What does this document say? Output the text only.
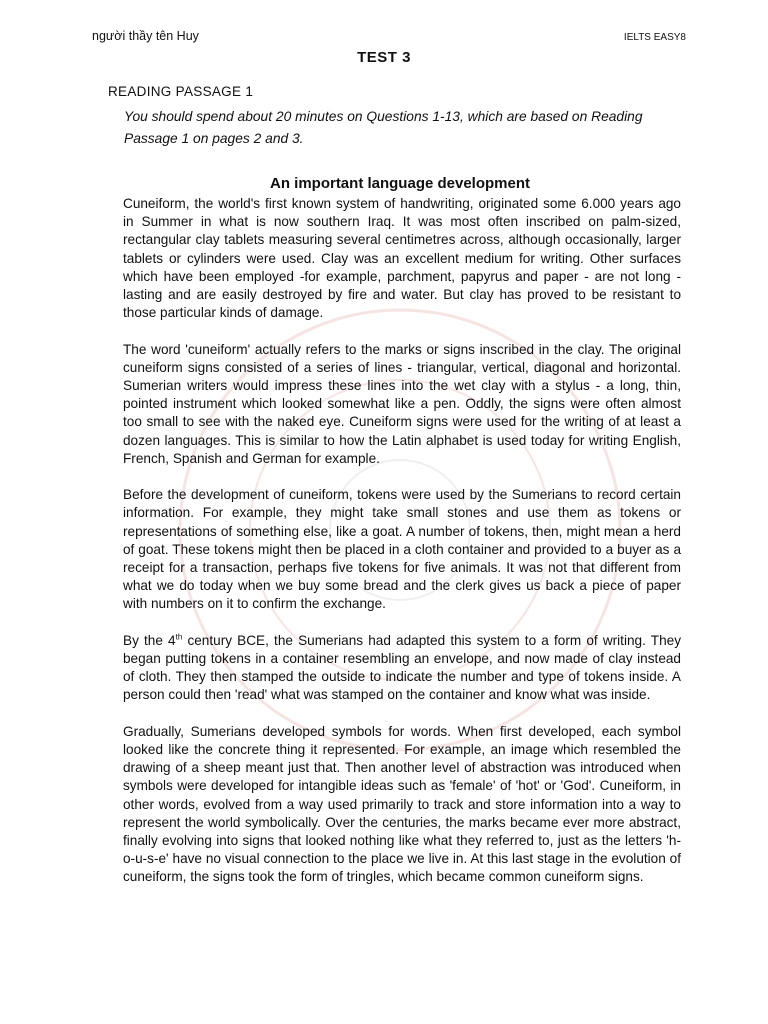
người thầy tên Huy	IELTS EASY8
TEST 3
READING PASSAGE 1
You should spend about 20 minutes on Questions 1-13, which are based on Reading Passage 1 on pages 2 and 3.
An important language development

Cuneiform, the world's first known system of handwriting, originated some 6.000 years ago in Summer in what is now southern Iraq. It was most often inscribed on palm-sized, rectangular clay tablets measuring several centimetres across, although occasionally, larger tablets or cylinders were used. Clay was an excellent medium for writing. Other surfaces which have been employed -for example, parchment, papyrus and paper - are not long - lasting and are easily destroyed by fire and water. But clay has proved to be resistant to those particular kinds of damage.

The word 'cuneiform' actually refers to the marks or signs inscribed in the clay. The original cuneiform signs consisted of a series of lines - triangular, vertical, diagonal and horizontal. Sumerian writers would impress these lines into the wet clay with a stylus - a long, thin, pointed instrument which looked somewhat like a pen. Oddly, the signs were often almost too small to see with the naked eye. Cuneiform signs were used for the writing of at least a dozen languages. This is similar to how the Latin alphabet is used today for writing English, French, Spanish and German for example.

Before the development of cuneiform, tokens were used by the Sumerians to record certain information. For example, they might take small stones and use them as tokens or representations of something else, like a goat. A number of tokens, then, might mean a herd of goat. These tokens might then be placed in a cloth container and provided to a buyer as a receipt for a transaction, perhaps five tokens for five animals. It was not that different from what we do today when we buy some bread and the clerk gives us back a piece of paper with numbers on it to confirm the exchange.

By the 4th century BCE, the Sumerians had adapted this system to a form of writing. They began putting tokens in a container resembling an envelope, and now made of clay instead of cloth. They then stamped the outside to indicate the number and type of tokens inside. A person could then 'read' what was stamped on the container and know what was inside.

Gradually, Sumerians developed symbols for words. When first developed, each symbol looked like the concrete thing it represented. For example, an image which resembled the drawing of a sheep meant just that. Then another level of abstraction was introduced when symbols were developed for intangible ideas such as 'female' of 'hot' or 'God'. Cuneiform, in other words, evolved from a way used primarily to track and store information into a way to represent the world symbolically. Over the centuries, the marks became ever more abstract, finally evolving into signs that looked nothing like what they referred to, just as the letters 'h-o-u-s-e' have no visual connection to the place we live in. At this last stage in the evolution of cuneiform, the signs took the form of tringles, which became common cuneiform signs.
